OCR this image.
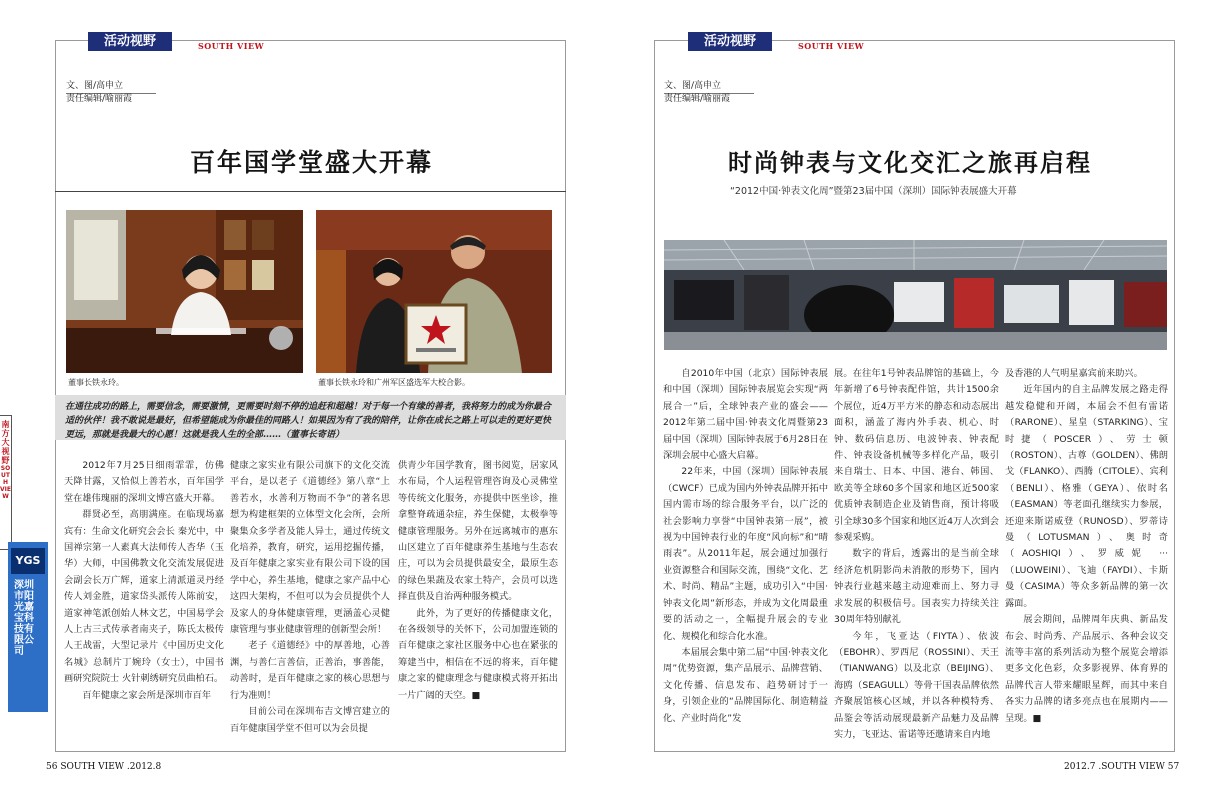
活动视野	SOUTH VIEW
文、图/高申立
责任编辑/喻丽霞
百年国学堂盛大开幕
董事长铁永玲。	董事长铁永玲和广州军区盛选军大校合影。
在通往成功的路上，需要信念，需要激情，更需要时刻不停的追赶和超越！对于每一个有缘的善者，我将努力的成为你最合适的伙伴！我不敢说是最好，但希望能成为你最佳的同路人！如果因为有了我的陪伴，让你在成长之路上可以走的更好更快更远，那就是我最大的心愿！这就是我人生的全部……（董事长寄语）

2012年7月25日细雨霏霏，仿佛天降甘露，又恰似上善若水，百年国学堂在雄伟瑰丽的深圳文博宫盛大开幕。

群贤必至，高朋满座。在临现场嘉宾有：生命文化研究会会长 秦光中，中国禅宗第一人素真大法师传人杏华（玉华）大师，中国佛教文化交流发展促进会副会长万广辉，道家上清派道灵丹经传人刘金胜，道家岱头派传人陈前安，道家神笔派创始人林文艺，中国易学会人上古三式传承者南夹子，陈氏太极传人王战雷，大型记录片《中国历史文化名城》总制片丁婉玲（女士），中国书画研究院院士 火针刺绣研究员曲柏石。

百年健康之家会所是深圳市百年

健康之家实业有限公司旗下的文化交流平台，是以老子《道德经》第八章“上善若水，水善利万物而不争”的著名思想为构建框架的立体型文化会所，会所聚集众多学者及能人异士，通过传统文化培养，教育，研究，运用挖掘传播，及百年健康之家实业有限公司下设的国学中心，养生基地，健康之家产品中心这四大架构，不但可以为会员提供个人及家人的身体健康管理，更涵盖心灵健康管理与事业健康管理的创新型会所！

老子《道德经》中的厚善地，心善渊，与善仁言善信，正善治，事善能，动善时，是百年健康之家的核心思想与行为准则！

目前公司在深圳布吉文博宫建立的百年健康国学堂不但可以为会员提

供青少年国学教育，图书阅览，居家风水布局，个人运程管理咨询及心灵佛堂等传统文化服务，亦提供中医坐诊，推拿整脊疏通杂症，养生保健，太极拳等健康管理服务。另外在远离城市的惠东山区建立了百年健康养生基地与生态农庄，可以为会员提供最安全，最原生态的绿色果蔬及农家土特产，会员可以选择直供及自治两种服务模式。

此外，为了更好的传播健康文化，在各级领导的关怀下，公司加盟连锁的百年健康之家社区服务中心也在紧张的筹建当中，相信在不远的将来，百年健康之家的健康理念与健康模式将开拓出一片广阔的天空。■

南方
大视野
SOUTH VIEW
YGS
深圳市阳光嘉宝科技有限公司
56 SOUTH VIEW .2012.8
活动视野	SOUTH VIEW
文、图/高申立
责任编辑/喻丽霞
时尚钟表与文化交汇之旅再启程
“2012中国·钟表文化周”暨第23届中国（深圳）国际钟表展盛大开幕

自2010年中国（北京）国际钟表展和中国（深圳）国际钟表展览会实现“两展合一”后，全球钟表产业的盛会——2012年第二届中国·钟表文化周暨第23届中国（深圳）国际钟表展于6月28日在深圳会展中心盛大启幕。

22年来，中国（深圳）国际钟表展（CWCF）已成为国内外钟表品牌开拓中国内需市场的综合服务平台，以广泛的社会影响力享誉“中国钟表第一展”，被视为中国钟表行业的年度“风向标”和“晴雨表”。从2011年起，展会通过加强行业资源整合和国际交流，围绕“文化、艺术、时尚、精品”主题，成功引入“中国·钟表文化周”新形态，并成为文化周最重要的活动之一，全幅提升展会的专业化、规模化和综合化水准。

本届展会集中第二届“中国·钟表文化周”优势资源，集产品展示、品牌营销、文化传播、信息发布、趋势研讨于一身，引领企业的“品牌国际化、制造精益化、产业时尚化”发

展。在往年1号钟表品牌馆的基础上，今年新增了6号钟表配件馆，共计1500余个展位，近4万平方米的静态和动态展出面积，涵盖了海内外手表、机心、时钟、数码信息历、电波钟表、钟表配件、钟表设备机械等多样化产品，吸引来自瑞士、日本、中国、港台、韩国、欧美等全球60多个国家和地区近500家优质钟表制造企业及销售商，预计将吸引全球30多个国家和地区近4万人次到会参观采购。

数字的背后，透露出的是当前全球经济危机阴影尚未消散的形势下，国内钟表行业越来越主动迎难而上、努力寻求发展的积极信号。国表实力持续关注30周年特别献礼

今年，飞亚达（FIYTA）、依波（EBOHR）、罗西尼（ROSSINI）、天王（TIANWANG）以及北京（BEIJING）、海鸥（SEAGULL）等骨干国表品牌依然齐聚展馆核心区域，并以各种模特秀、品鉴会等活动展现最新产品魅力及品牌实力，飞亚达、雷诺等还邀请来自内地

及香港的人气明星嘉宾前来助兴。

近年国内的自主品牌发展之路走得越发稳健和开阔，本届会不但有雷诺（RARONE）、星皇（STARKING）、宝时捷（POSCER）、劳士顿（ROSTON）、古尊（GOLDEN）、佛朗戈（FLANKO）、西腾（CITOLE）、宾利（BENLI）、格雅（GEYA）、依时名（EASMAN）等老面孔继续实力参展，还迎来斯诺威登（RUNOSD）、罗蒂诗曼（LOTUSMAN）、奥时奇（AOSHIQI）、罗威妮 ···（LUOWEINI）、飞迪（FAYDI）、卡斯曼（CASIMA）等众多新品牌的第一次露面。

展会期间，品牌周年庆典、新品发布会、时尚秀、产品展示、各种会议交流等丰富的系列活动为整个展览会增添更多文化色彩，众多影视界、体育界的品牌代言人带来耀眼星辉，而其中来自各实力品牌的诸多亮点也在展期内——呈现。■

2012.7 .SOUTH VIEW 57
